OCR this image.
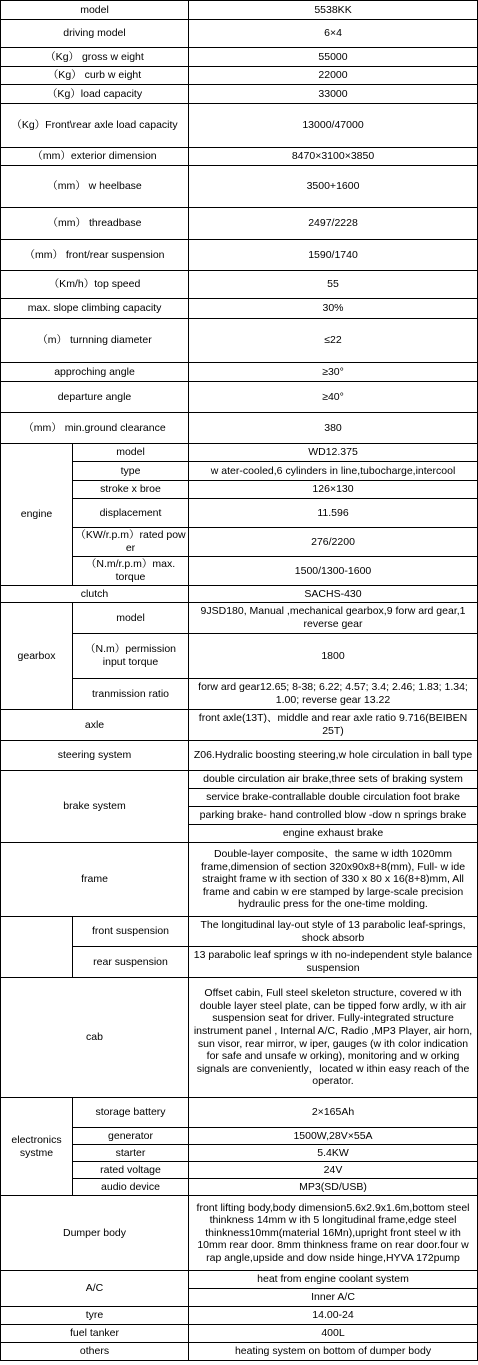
model		5538KK
driving model		6×4
（Kg） gross w eight		55000
（Kg） curb w eight		22000
（Kg）load capacity		33000
（Kg）Front\rear axle load capacity		13000/47000
（mm）exterior dimension		8470×3100×3850
（mm） w heelbase		3500+1600
（mm） threadbase		2497/2228
（mm） front/rear suspension		1590/1740
（Km/h）top speed		55
max. slope climbing capacity		30%
（m） turnning diameter		≤22
approching angle		≥30°
departure angle		≥40°
（mm） min.ground clearance		380
engine	model	WD12.375
	type	w ater-cooled,6 cylinders in line,tubocharge,intercool
	stroke x broe	126×130
	displacement	11.596
	（KW/r.p.m）rated pow er	276/2200
	（N.m/r.p.m）max. torque	1500/1300-1600
clutch		SACHS-430
gearbox	model	9JSD180, Manual ,mechanical gearbox,9 forw ard gear,1 reverse gear
	（N.m）permission input torque	1800
	tranmission ratio	forw ard gear12.65; 8-38; 6.22; 4.57; 3.4; 2.46; 1.83; 1.34; 1.00; reverse gear 13.22
axle		front axle(13T)、middle and rear axle ratio 9.716(BEIBEN 25T)
steering system		Z06.Hydralic boosting steering,w hole circulation in ball type
brake system		double circulation air brake,three sets of braking system
		service brake-contrallable double circulation foot brake
		parking brake- hand controlled blow -dow n springs brake
		engine exhaust brake
frame		Double-layer composite、the same w idth 1020mm frame,dimension of section 320x90x8+8(mm), Full- w ide straight frame w ith section of 330 x 80 x 16(8+8)mm, All frame and cabin w ere stamped by large-scale precision hydraulic press for the one-time molding.
	front suspension	The longitudinal lay-out style of 13 parabolic leaf-springs, shock absorb
	rear suspension	13 parabolic leaf springs w ith no-independent style balance suspension
cab		Offset cabin, Full steel skeleton structure, covered w ith double layer steel plate, can be tipped forw ardly, w ith air suspension seat for driver. Fully-integrated structure instrument panel , Internal A/C, Radio ,MP3 Player, air horn, sun visor, rear mirror, w iper, gauges (w ith color indication for safe and unsafe w orking), monitoring and w orking signals are conveniently，located w ithin easy reach of the operator.
electronics systme	storage battery	2×165Ah
	generator	1500W,28V×55A
	starter	5.4KW
	rated voltage	24V
	audio device	MP3(SD/USB)
Dumper body		front lifting body,body dimension5.6x2.9x1.6m,bottom steel thinkness 14mm w ith 5 longitudinal frame,edge steel thinkness10mm(material 16Mn),upright front steel w ith 10mm rear door. 8mm thinkness frame on rear door.four w rap angle,upside and dow nside hinge,HYVA 172pump
A/C		heat from engine coolant system
		Inner A/C
tyre		14.00-24
fuel tanker		400L
others		heating system on bottom of dumper body
